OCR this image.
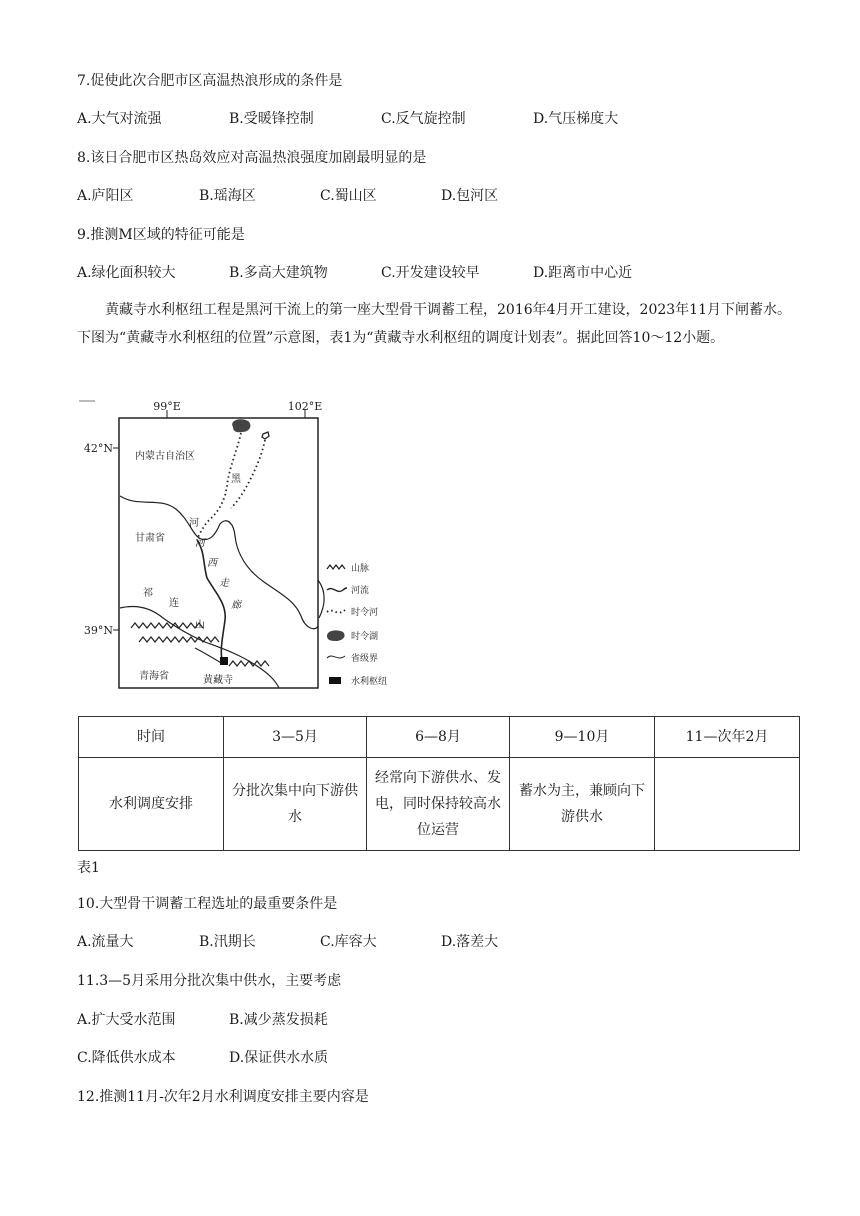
7.促使此次合肥市区高温热浪形成的条件是
A.大气对流强	B.受暖锋控制	C.反气旋控制	D.气压梯度大
8.该日合肥市区热岛效应对高温热浪强度加剧最明显的是
A.庐阳区	B.瑶海区	C.蜀山区	D.包河区
9.推测M区域的特征可能是
A.绿化面积较大	B.多高大建筑物	C.开发建设较早	D.距离市中心近
黄藏寺水利枢纽工程是黑河干流上的第一座大型骨干调蓄工程，2016年4月开工建设，2023年11月下闸蓄水。下图为“黄藏寺水利枢纽的位置”示意图，表1为“黄藏寺水利枢纽的调度计划表”。据此回答10～12小题。
99°E	102°E
42°N
39°N
内蒙古自治区
甘肃省
青海省	黄藏寺
黑
河
河
西
走
廊
祁
连
山
山脉
河流
时令河
时令湖
省级界
水利枢纽
时间	3—5月	6—8月	9—10月	11—次年2月
水利调度安排	分批次集中向下游供水	经常向下游供水、发电，同时保持较高水位运营	蓄水为主，兼顾向下游供水	
表1
10.大型骨干调蓄工程选址的最重要条件是
A.流量大	B.汛期长	C.库容大	D.落差大
11.3—5月采用分批次集中供水，主要考虑
A.扩大受水范围	B.减少蒸发损耗
C.降低供水成本	D.保证供水水质
12.推测11月-次年2月水利调度安排主要内容是
